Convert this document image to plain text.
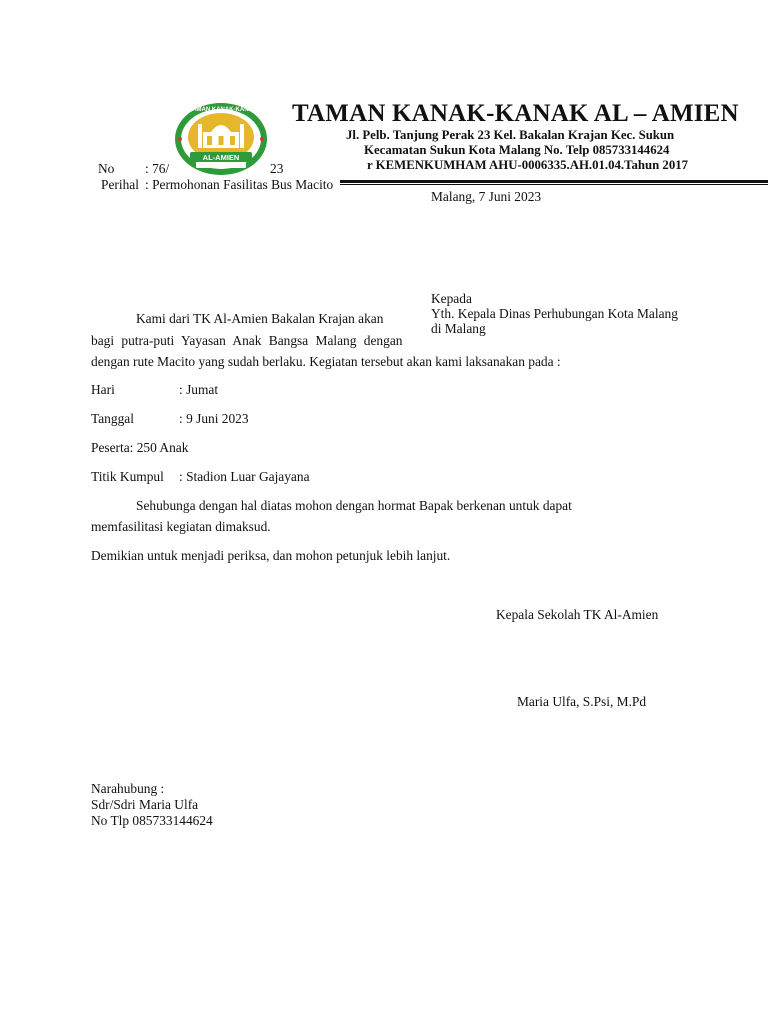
TAMAN KANAK-KANAK AL – AMIEN
Jl. Pelb. Tanjung Perak 23 Kel. Bakalan Krajan Kec. Sukun
Kecamatan Sukun Kota Malang No. Telp 085733144624
r KEMENKUMHAM AHU-0006335.AH.01.04.Tahun 2017
No : 76/	23
Perihal : Permohonan Fasilitas Bus Macito
TAMAN KANAK-KANAK
AL-AMIEN
Malang, 7 Juni 2023
Kami dari TK Al-Amien Bakalan Krajan akan
bagi putra-puti Yayasan Anak Bangsa Malang dengan
Kepada
Yth. Kepala Dinas Perhubungan Kota Malang
di Malang
dengan rute Macito yang sudah berlaku. Kegiatan tersebut akan kami laksanakan pada :
Hari	: Jumat
Tanggal	: 9 Juni 2023
Peserta: 250 Anak
Titik Kumpul : Stadion Luar Gajayana
Sehubunga dengan hal diatas mohon dengan hormat Bapak berkenan untuk dapat
memfasilitasi kegiatan dimaksud.
Demikian untuk menjadi periksa, dan mohon petunjuk lebih lanjut.
Kepala Sekolah TK Al-Amien
Maria Ulfa, S.Psi, M.Pd
Narahubung :
Sdr/Sdri Maria Ulfa
No Tlp 085733144624
